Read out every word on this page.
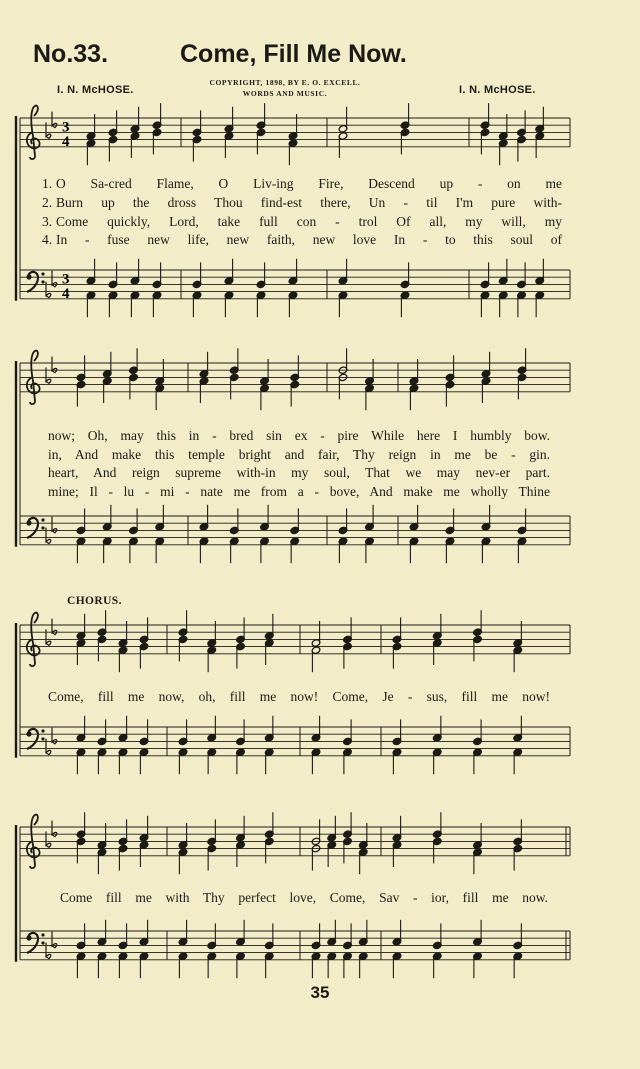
3
4
3
4
No.33.	Come, Fill Me Now.
COPYRIGHT, 1898, BY E. O. EXCELL.
WORDS AND MUSIC.
I. N. McHOSE.	I. N. McHOSE.
1. O Sa-cred Flame, O Liv-ing Fire, Descend up - on me
2. Burn up the dross Thou find-est there, Un - til I'm pure with-
3. Come quickly, Lord, take full con - trol Of all, my will, my
4. In - fuse new life, new faith, new love In - to this soul of
now; Oh, may this in - bred sin ex - pire While here I humbly bow.
in, And make this temple bright and fair, Thy reign in me be - gin.
heart, And reign supreme with-in my soul, That we may nev-er part.
mine; Il - lu - mi - nate me from a - bove, And make me wholly Thine
CHORUS.
Come, fill me now, oh, fill me now! Come, Je - sus, fill me now!
Come fill me with Thy perfect love, Come, Sav - ior, fill me now.
35
